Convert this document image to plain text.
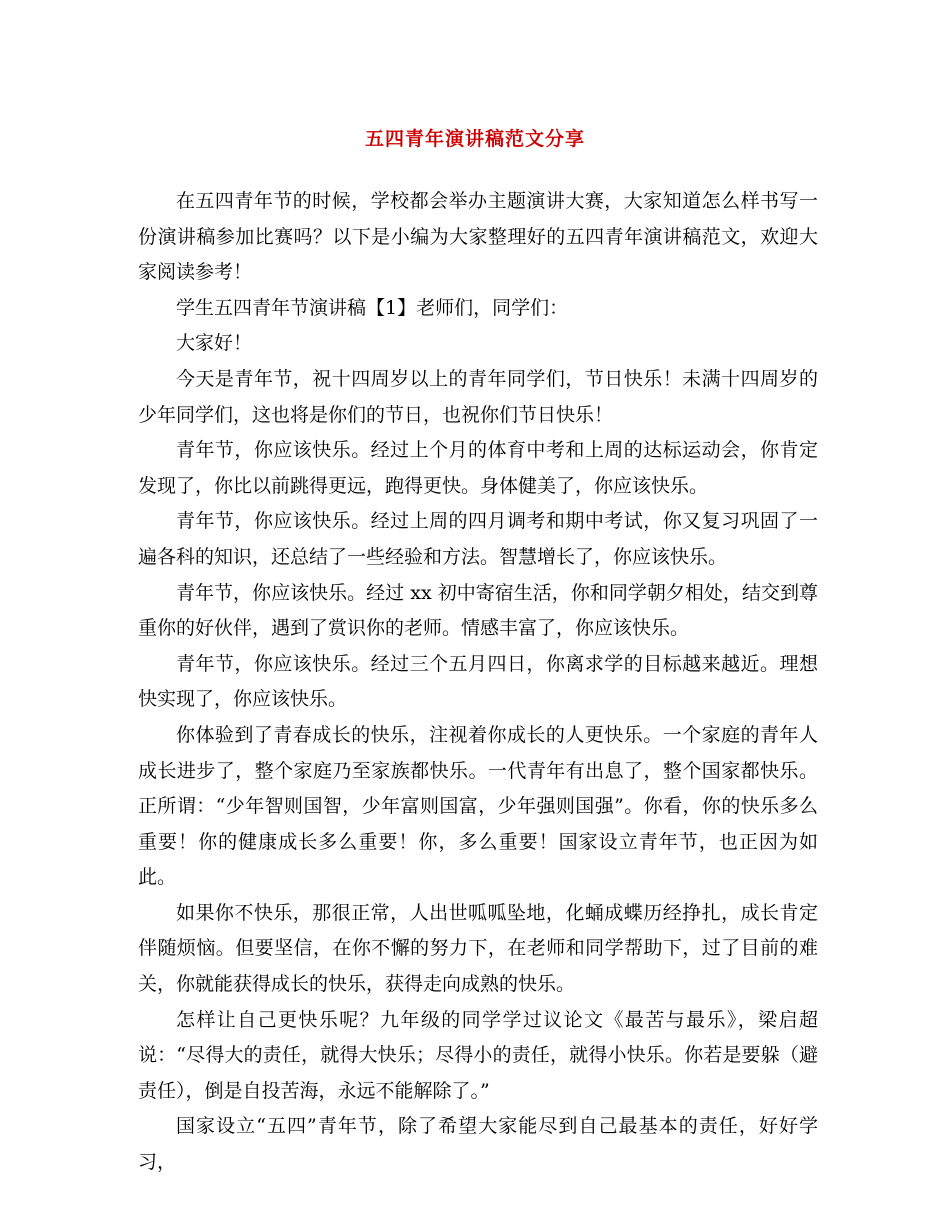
五四青年演讲稿范文分享

在五四青年节的时候，学校都会举办主题演讲大赛，大家知道怎么样书写一份演讲稿参加比赛吗？以下是小编为大家整理好的五四青年演讲稿范文，欢迎大家阅读参考！

学生五四青年节演讲稿【1】老师们，同学们：

大家好！

今天是青年节，祝十四周岁以上的青年同学们，节日快乐！未满十四周岁的少年同学们，这也将是你们的节日，也祝你们节日快乐！

青年节，你应该快乐。经过上个月的体育中考和上周的达标运动会，你肯定发现了，你比以前跳得更远，跑得更快。身体健美了，你应该快乐。

青年节，你应该快乐。经过上周的四月调考和期中考试，你又复习巩固了一遍各科的知识，还总结了一些经验和方法。智慧增长了，你应该快乐。

青年节，你应该快乐。经过 xx 初中寄宿生活，你和同学朝夕相处，结交到尊重你的好伙伴，遇到了赏识你的老师。情感丰富了，你应该快乐。

青年节，你应该快乐。经过三个五月四日，你离求学的目标越来越近。理想快实现了，你应该快乐。

你体验到了青春成长的快乐，注视着你成长的人更快乐。一个家庭的青年人成长进步了，整个家庭乃至家族都快乐。一代青年有出息了，整个国家都快乐。正所谓：“少年智则国智，少年富则国富，少年强则国强”。你看，你的快乐多么重要！你的健康成长多么重要！你，多么重要！国家设立青年节，也正因为如此。

如果你不快乐，那很正常，人出世呱呱坠地，化蛹成蝶历经挣扎，成长肯定伴随烦恼。但要坚信，在你不懈的努力下，在老师和同学帮助下，过了目前的难关，你就能获得成长的快乐，获得走向成熟的快乐。

怎样让自己更快乐呢？九年级的同学学过议论文《最苦与最乐》，梁启超说：“尽得大的责任，就得大快乐；尽得小的责任，就得小快乐。你若是要躲（避责任），倒是自投苦海，永远不能解除了。”

国家设立“五四”青年节，除了希望大家能尽到自己最基本的责任，好好学习，
